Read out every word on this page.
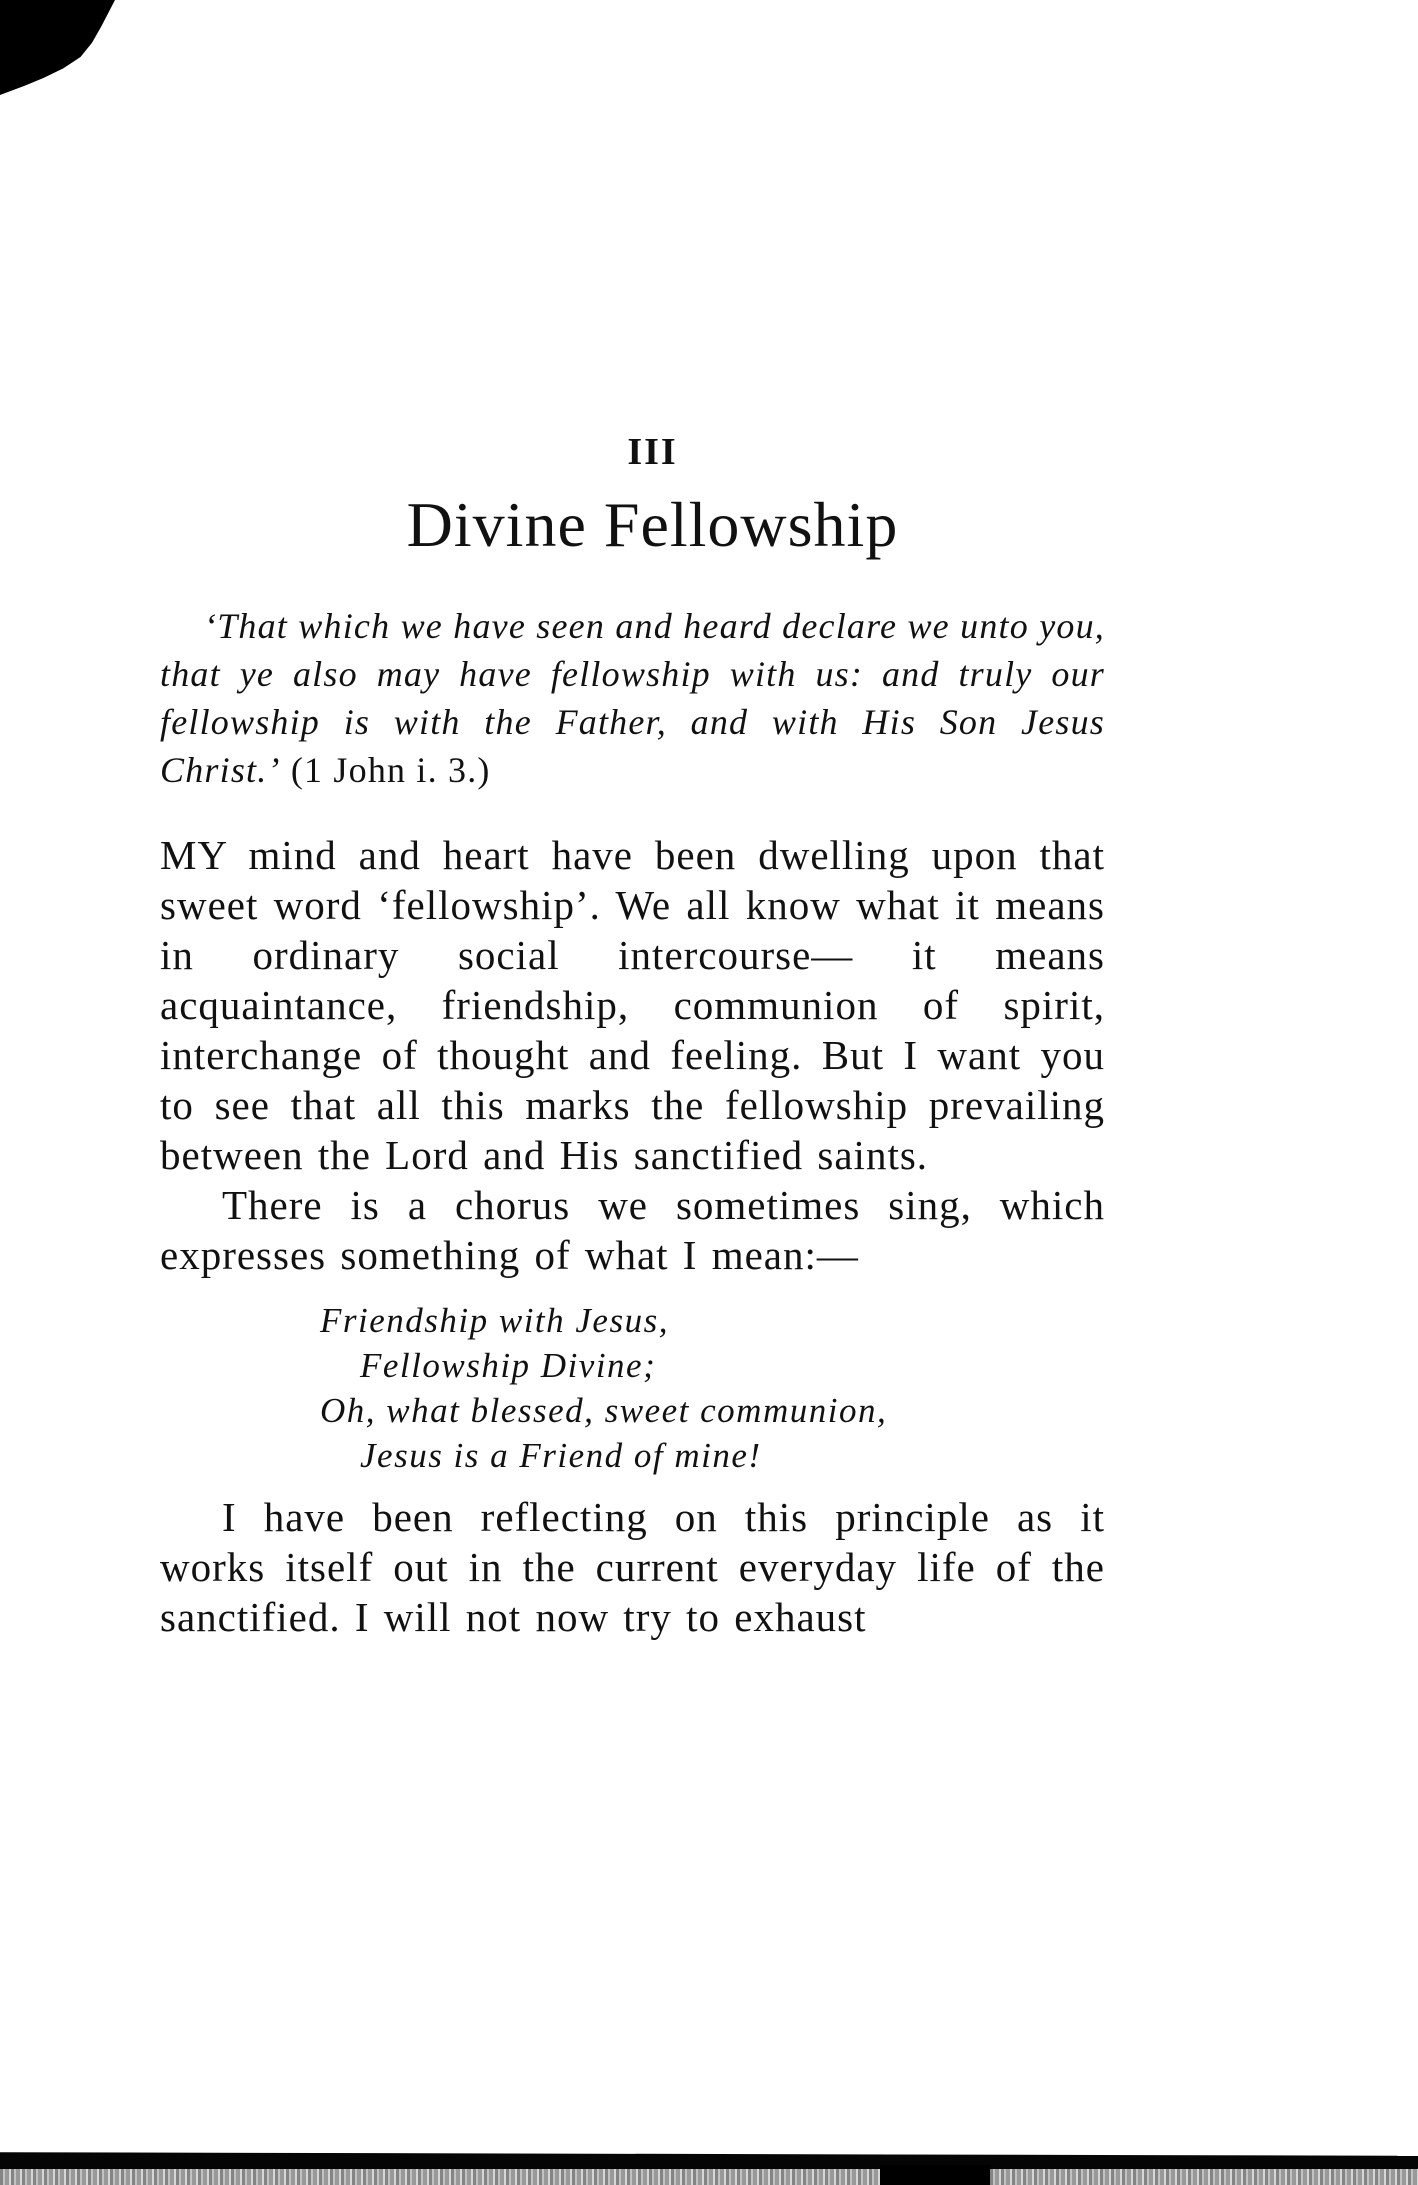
III
Divine Fellowship

‘That which we have seen and heard declare we unto you, that ye also may have fellowship with us: and truly our fellowship is with the Father, and with His Son Jesus Christ.’ (1 John i. 3.)

MY mind and heart have been dwelling upon that sweet word ‘fellowship’. We all know what it means in ordinary social intercourse— it means acquaintance, friendship, communion of spirit, interchange of thought and feeling. But I want you to see that all this marks the fellowship prevailing between the Lord and His sanctified saints.

There is a chorus we sometimes sing, which expresses something of what I mean:—

Friendship with Jesus,
Fellowship Divine;
Oh, what blessed, sweet communion,
Jesus is a Friend of mine!

I have been reflecting on this principle as it works itself out in the current everyday life of the sanctified. I will not now try to exhaust
